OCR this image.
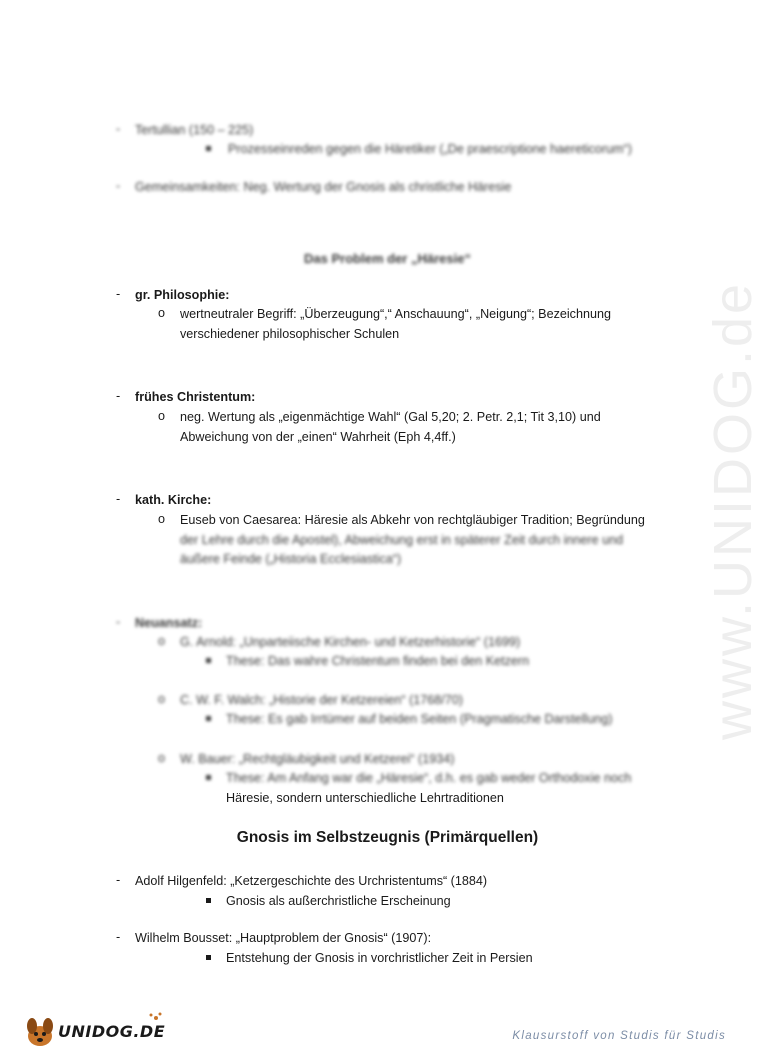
www.UNIDOG.de
- Tertullian (150 – 225)
Prozesseinreden gegen die Häretiker („De praescriptione haereticorum“)
- Gemeinsamkeiten: Neg. Wertung der Gnosis als christliche Häresie
Das Problem der „Häresie“
- gr. Philosophie:
o wertneutraler Begriff: „Überzeugung“,“ Anschauung“, „Neigung“; Bezeichnung
verschiedener philosophischer Schulen
- frühes Christentum:
o neg. Wertung als „eigenmächtige Wahl“ (Gal 5,20; 2. Petr. 2,1; Tit 3,10) und
Abweichung von der „einen“ Wahrheit (Eph 4,4ff.)
- kath. Kirche:
o Euseb von Caesarea: Häresie als Abkehr von rechtgläubiger Tradition; Begründung
der Lehre durch die Apostel), Abweichung erst in späterer Zeit durch innere und
äußere Feinde („Historia Ecclesiastica“)
- Neuansatz:
o G. Arnold: „Unparteiische Kirchen- und Ketzerhistorie“ (1699)
These: Das wahre Christentum finden bei den Ketzern
o C. W. F. Walch: „Historie der Ketzereien“ (1768/70)
These: Es gab Irrtümer auf beiden Seiten (Pragmatische Darstellung)
o W. Bauer: „Rechtgläubigkeit und Ketzerei“ (1934)
These: Am Anfang war die „Häresie“, d.h. es gab weder Orthodoxie noch
Häresie, sondern unterschiedliche Lehrtraditionen
Gnosis im Selbstzeugnis (Primärquellen)
- Adolf Hilgenfeld: „Ketzergeschichte des Urchristentums“ (1884)
Gnosis als außerchristliche Erscheinung
- Wilhelm Bousset: „Hauptproblem der Gnosis“ (1907):
Entstehung der Gnosis in vorchristlicher Zeit in Persien
UNIDOG.DE	Klausurstoff von Studis für Studis
